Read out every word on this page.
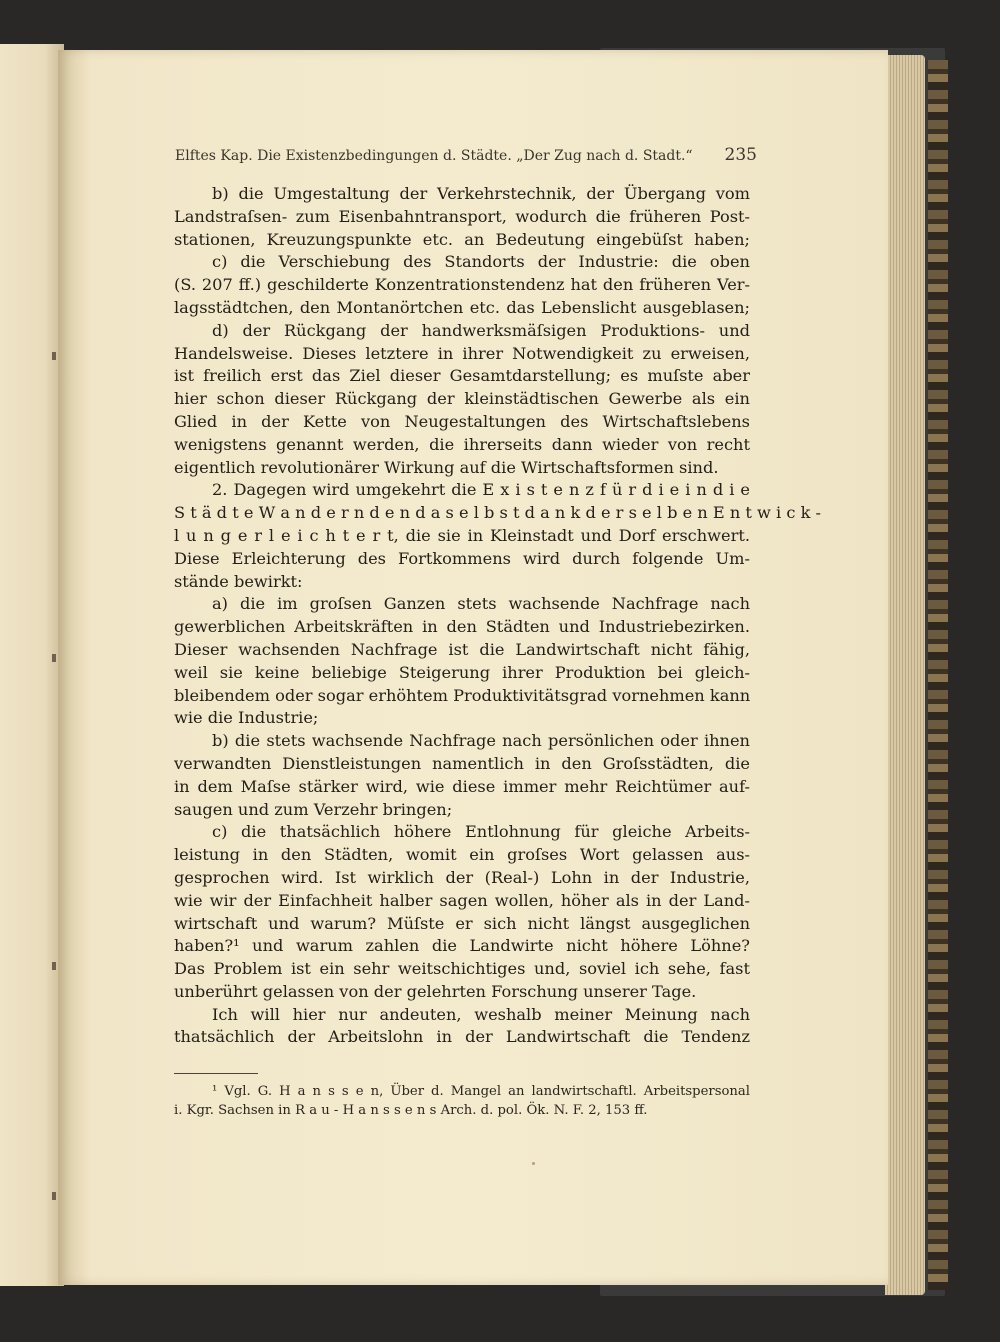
Elftes Kap. Die Existenzbedingungen d. Städte. „Der Zug nach d. Stadt.“ 235
b) die Umgestaltung der Verkehrstechnik, der Übergang vom
Landstraſsen- zum Eisenbahntransport, wodurch die früheren Post-
stationen, Kreuzungspunkte etc. an Bedeutung eingebüſst haben;
c) die Verschiebung des Standorts der Industrie: die oben
(S. 207 ff.) geschilderte Konzentrationstendenz hat den früheren Ver-
lagsstädtchen, den Montanörtchen etc. das Lebenslicht ausgeblasen;
d) der Rückgang der handwerksmäſsigen Produktions- und
Handelsweise. Dieses letztere in ihrer Notwendigkeit zu erweisen,
ist freilich erst das Ziel dieser Gesamtdarstellung; es muſste aber
hier schon dieser Rückgang der kleinstädtischen Gewerbe als ein
Glied in der Kette von Neugestaltungen des Wirtschaftslebens
wenigstens genannt werden, die ihrerseits dann wieder von recht
eigentlich revolutionärer Wirkung auf die Wirtschaftsformen sind.
2. Dagegen wird umgekehrt die E x i s t e n z f ü r d i e i n d i e
S t ä d t e W a n d e r n d e n d a s e l b s t d a n k d e r s e l b e n E n t w i c k -
l u n g e r l e i c h t e r t, die sie in Kleinstadt und Dorf erschwert.
Diese Erleichterung des Fortkommens wird durch folgende Um-
stände bewirkt:
a) die im groſsen Ganzen stets wachsende Nachfrage nach
gewerblichen Arbeitskräften in den Städten und Industriebezirken.
Dieser wachsenden Nachfrage ist die Landwirtschaft nicht fähig,
weil sie keine beliebige Steigerung ihrer Produktion bei gleich-
bleibendem oder sogar erhöhtem Produktivitätsgrad vornehmen kann
wie die Industrie;
b) die stets wachsende Nachfrage nach persönlichen oder ihnen
verwandten Dienstleistungen namentlich in den Groſsstädten, die
in dem Maſse stärker wird, wie diese immer mehr Reichtümer auf-
saugen und zum Verzehr bringen;
c) die thatsächlich höhere Entlohnung für gleiche Arbeits-
leistung in den Städten, womit ein groſses Wort gelassen aus-
gesprochen wird. Ist wirklich der (Real-) Lohn in der Industrie,
wie wir der Einfachheit halber sagen wollen, höher als in der Land-
wirtschaft und warum? Müſste er sich nicht längst ausgeglichen
haben?¹ und warum zahlen die Landwirte nicht höhere Löhne?
Das Problem ist ein sehr weitschichtiges und, soviel ich sehe, fast
unberührt gelassen von der gelehrten Forschung unserer Tage.
Ich will hier nur andeuten, weshalb meiner Meinung nach
thatsächlich der Arbeitslohn in der Landwirtschaft die Tendenz
¹ Vgl. G. H a n s s e n, Über d. Mangel an landwirtschaftl. Arbeitspersonal
i. Kgr. Sachsen in R a u - H a n s s e n s Arch. d. pol. Ök. N. F. 2, 153 ff.
